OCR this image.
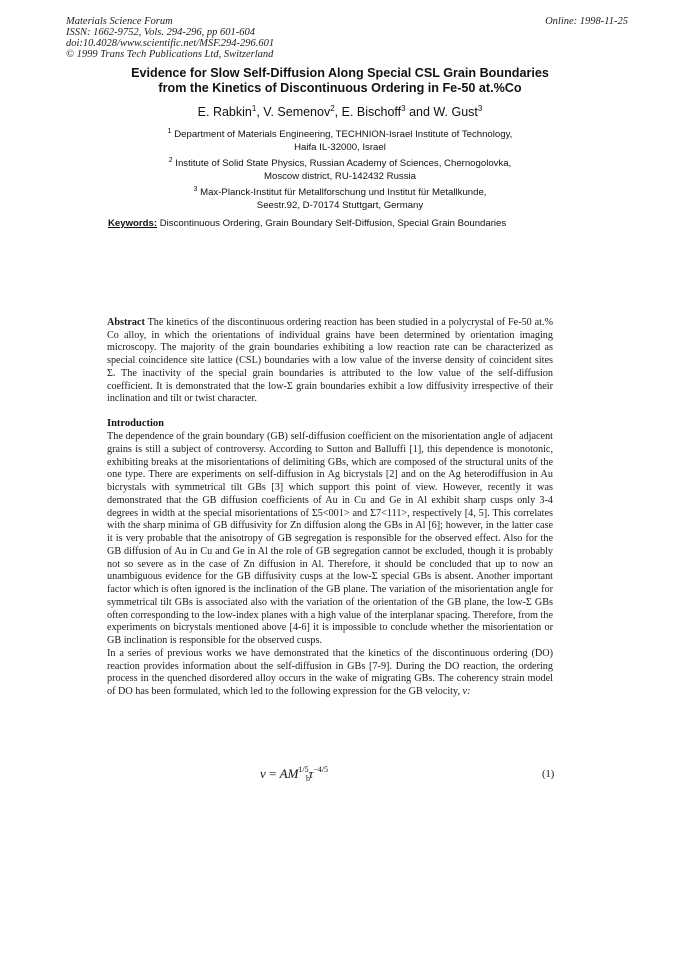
Materials Science Forum
ISSN: 1662-9752, Vols. 294-296, pp 601-604
doi:10.4028/www.scientific.net/MSF.294-296.601
© 1999 Trans Tech Publications Ltd, Switzerland
Online: 1998-11-25
Evidence for Slow Self-Diffusion Along Special CSL Grain Boundaries
from the Kinetics of Discontinuous Ordering in Fe-50 at.%Co
E. Rabkin$^1$, V. Semenov$^2$, E. Bischoff$^3$ and W. Gust$^3$
$^1$ Department of Materials Engineering, TECHNION-Israel Institute of Technology,
Haifa IL-32000, Israel
$^2$ Institute of Solid State Physics, Russian Academy of Sciences, Chernogolovka,
Moscow district, RU-142432 Russia
$^3$ Max-Planck-Institut für Metallforschung und Institut für Metallkunde,
Seestr.92, D-70174 Stuttgart, Germany
Keywords: Discontinuous Ordering, Grain Boundary Self-Diffusion, Special Grain Boundaries
Abstract The kinetics of the discontinuous ordering reaction has been studied in a polycrystal of Fe-50 at.% Co alloy, in which the orientations of individual grains have been determined by orientation imaging microscopy. The majority of the grain boundaries exhibiting a low reaction rate can be characterized as special coincidence site lattice (CSL) boundaries with a low value of the inverse density of coincident sites Σ. The inactivity of the special grain boundaries is attributed to the low value of the self-diffusion coefficient. It is demonstrated that the low-Σ grain boundaries exhibit a low diffusivity irrespective of their inclination and tilt or twist character.
Introduction

The dependence of the grain boundary (GB) self-diffusion coefficient on the misorientation angle of adjacent grains is still a subject of controversy. According to Sutton and Balluffi [1], this dependence is monotonic, exhibiting breaks at the misorientations of delimiting GBs, which are composed of the structural units of the one type. There are experiments on self-diffusion in Ag bicrystals [2] and on the Ag heterodiffusion in Au bicrystals with symmetrical tilt GBs [3] which support this point of view. However, recently it was demonstrated that the GB diffusion coefficients of Au in Cu and Ge in Al exhibit sharp cusps only 3-4 degrees in width at the special misorientations of Σ5<001> and Σ7<111>, respectively [4, 5]. This correlates with the sharp minima of GB diffusivity for Zn diffusion along the GBs in Al [6]; however, in the latter case it is very probable that the anisotropy of GB segregation is responsible for the observed effect. Also for the GB diffusion of Au in Cu and Ge in Al the role of GB segregation cannot be excluded, though it is probably not so severe as in the case of Zn diffusion in Al. Therefore, it should be concluded that up to now an unambiguous evidence for the GB diffusivity cusps at the low-Σ special GBs is absent. Another important factor which is often ignored is the inclination of the GB plane. The variation of the misorientation angle for symmetrical tilt GBs is associated also with the variation of the orientation of the GB plane, the low-Σ GBs often corresponding to the low-index planes with a high value of the interplanar spacing. Therefore, from the experiments on bicrystals mentioned above [4-6] it is impossible to conclude whether the misorientation or GB inclination is responsible for the observed cusps.

In a series of previous works we have demonstrated that the kinetics of the discontinuous ordering (DO) reaction provides information about the self-diffusion in GBs [7-9]. During the DO reaction, the ordering process in the quenched disordered alloy occurs in the wake of migrating GBs. The coherency strain model of DO has been formulated, which led to the following expression for the GB velocity, v:

$v = AM^{1/5}\tau^{-4/5}_b$	(1)
